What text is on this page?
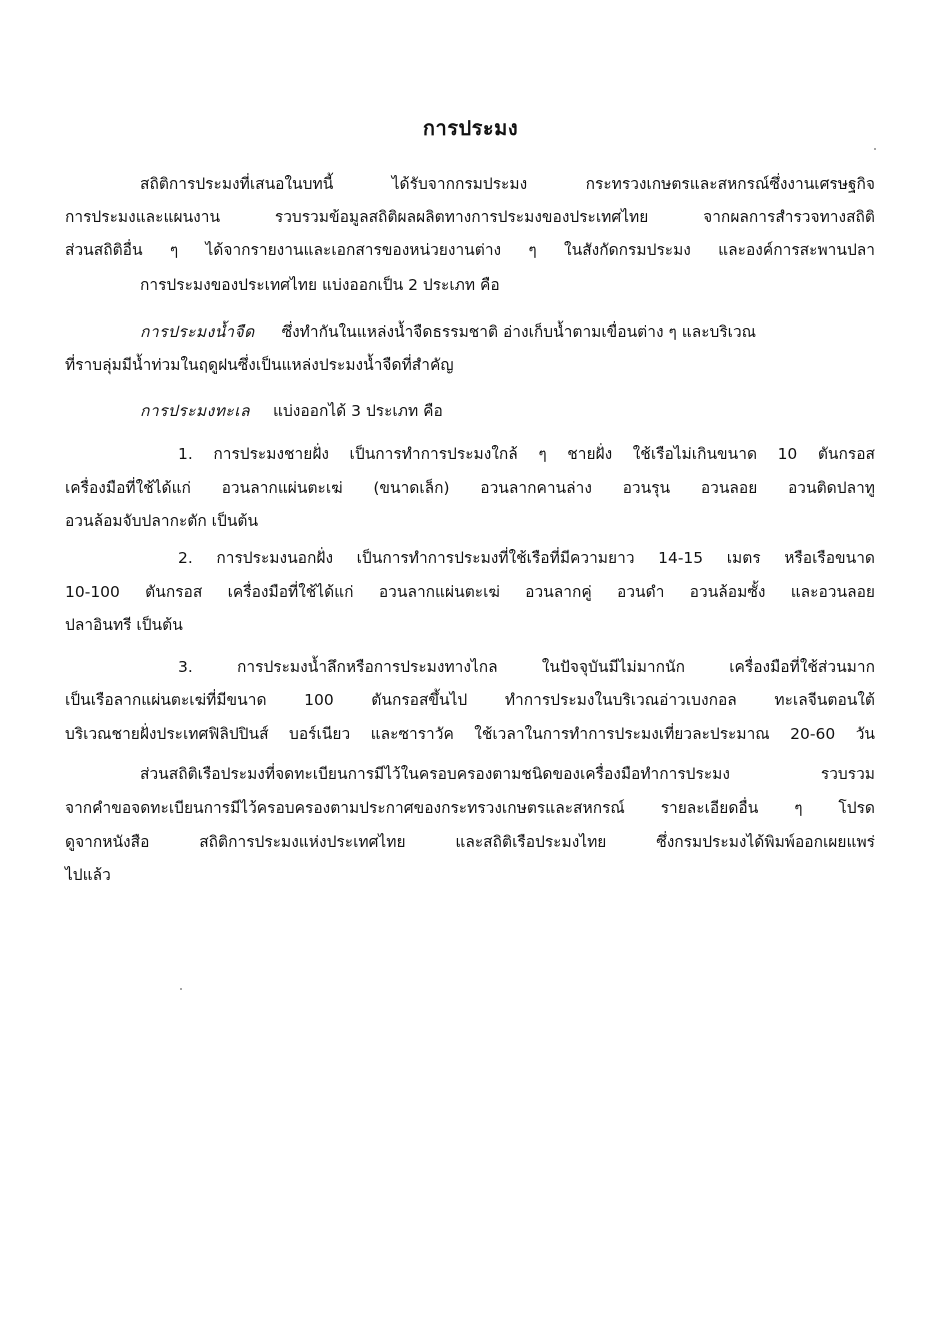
การประมง
สถิติการประมงที่เสนอในบทนี้ ได้รับจากกรมประมง กระทรวงเกษตรและสหกรณ์ซึ่งงานเศรษฐกิจ
การประมงและแผนงาน รวบรวมข้อมูลสถิติผลผลิตทางการประมงของประเทศไทย จากผลการสำรวจทางสถิติ
ส่วนสถิติอื่น ๆ ได้จากรายงานและเอกสารของหน่วยงานต่าง ๆ ในสังกัดกรมประมง และองค์การสะพานปลา
การประมงของประเทศไทย แบ่งออกเป็น 2 ประเภท คือ
การประมงน้ำจืด ซึ่งทำกันในแหล่งน้ำจืดธรรมชาติ อ่างเก็บน้ำตามเขื่อนต่าง ๆ และบริเวณ
ที่ราบลุ่มมีน้ำท่วมในฤดูฝนซึ่งเป็นแหล่งประมงน้ำจืดที่สำคัญ
การประมงทะเล แบ่งออกได้ 3 ประเภท คือ
1. การประมงชายฝั่ง เป็นการทำการประมงใกล้ ๆ ชายฝั่ง ใช้เรือไม่เกินขนาด 10 ตันกรอส
เครื่องมือที่ใช้ได้แก่ อวนลากแผ่นตะเฆ่ (ขนาดเล็ก) อวนลากคานล่าง อวนรุน อวนลอย อวนติดปลาทู
อวนล้อมจับปลากะตัก เป็นต้น
2. การประมงนอกฝั่ง เป็นการทำการประมงที่ใช้เรือที่มีความยาว 14-15 เมตร หรือเรือขนาด
10-100 ตันกรอส เครื่องมือที่ใช้ได้แก่ อวนลากแผ่นตะเฆ่ อวนลากคู่ อวนดำ อวนล้อมซั้ง และอวนลอย
ปลาอินทรี เป็นต้น
3. การประมงน้ำลึกหรือการประมงทางไกล ในปัจจุบันมีไม่มากนัก เครื่องมือที่ใช้ส่วนมาก
เป็นเรือลากแผ่นตะเฆ่ที่มีขนาด 100 ตันกรอสขึ้นไป ทำการประมงในบริเวณอ่าวเบงกอล ทะเลจีนตอนใต้
บริเวณชายฝั่งประเทศฟิลิปปินส์ บอร์เนียว และซาราวัค ใช้เวลาในการทำการประมงเที่ยวละประมาณ 20-60 วัน
ส่วนสถิติเรือประมงที่จดทะเบียนการมีไว้ในครอบครองตามชนิดของเครื่องมือทำการประมง รวบรวม
จากคำขอจดทะเบียนการมีไว้ครอบครองตามประกาศของกระทรวงเกษตรและสหกรณ์ รายละเอียดอื่น ๆ โปรด
ดูจากหนังสือ สถิติการประมงแห่งประเทศไทย และสถิติเรือประมงไทย ซึ่งกรมประมงได้พิมพ์ออกเผยแพร่
ไปแล้ว
